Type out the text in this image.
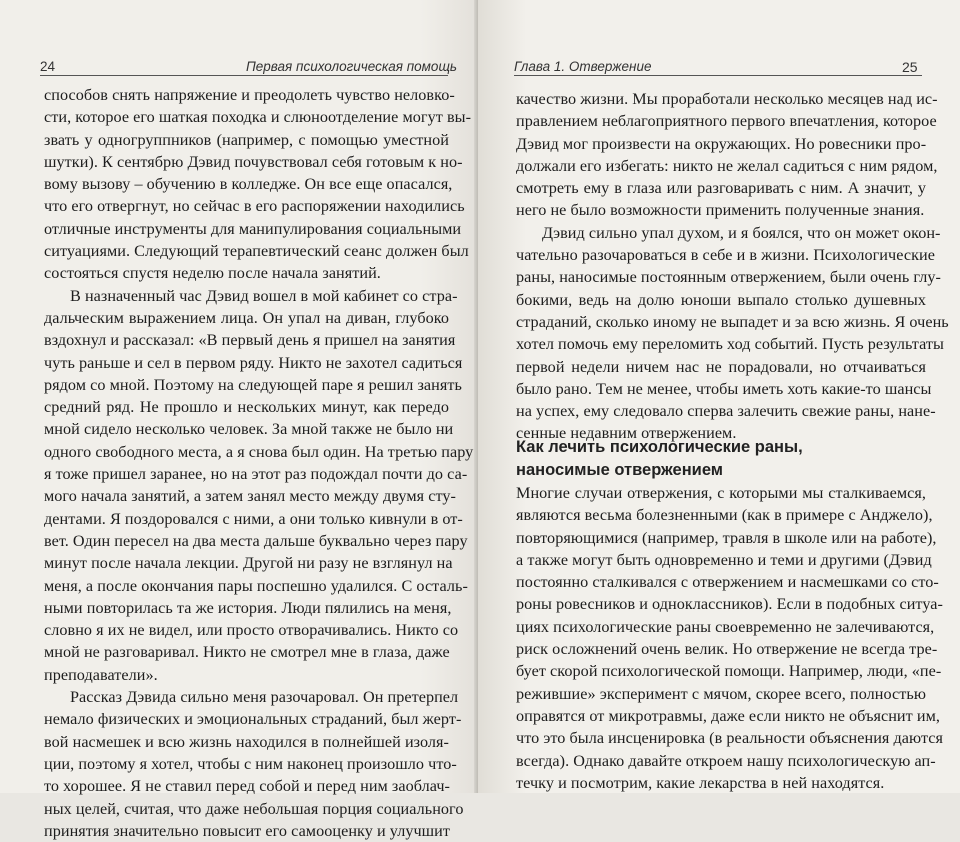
24	Первая психологическая помощь
способов снять напряжение и преодолеть чувство неловко-
сти, которое его шаткая походка и слюноотделение могут вы-
звать у одногруппников (например, с помощью уместной
шутки). К сентябрю Дэвид почувствовал себя готовым к но-
вому вызову – обучению в колледже. Он все еще опасался,
что его отвергнут, но сейчас в его распоряжении находились
отличные инструменты для манипулирования социальными
ситуациями. Следующий терапевтический сеанс должен был
состояться спустя неделю после начала занятий.
В назначенный час Дэвид вошел в мой кабинет со стра-
дальческим выражением лица. Он упал на диван, глубоко
вздохнул и рассказал: «В первый день я пришел на занятия
чуть раньше и сел в первом ряду. Никто не захотел садиться
рядом со мной. Поэтому на следующей паре я решил занять
средний ряд. Не прошло и нескольких минут, как передо
мной сидело несколько человек. За мной также не было ни
одного свободного места, а я снова был один. На третью пару
я тоже пришел заранее, но на этот раз подождал почти до са-
мого начала занятий, а затем занял место между двумя сту-
дентами. Я поздоровался с ними, а они только кивнули в от-
вет. Один пересел на два места дальше буквально через пару
минут после начала лекции. Другой ни разу не взглянул на
меня, а после окончания пары поспешно удалился. С осталь-
ными повторилась та же история. Люди пялились на меня,
словно я их не видел, или просто отворачивались. Никто со
мной не разговаривал. Никто не смотрел мне в глаза, даже
преподаватели».
Рассказ Дэвида сильно меня разочаровал. Он претерпел
немало физических и эмоциональных страданий, был жерт-
вой насмешек и всю жизнь находился в полнейшей изоля-
ции, поэтому я хотел, чтобы с ним наконец произошло что-
то хорошее. Я не ставил перед собой и перед ним заоблач-
ных целей, считая, что даже небольшая порция социального
принятия значительно повысит его самооценку и улучшит
Глава 1. Отвержение	25
качество жизни. Мы проработали несколько месяцев над ис-
правлением неблагоприятного первого впечатления, которое
Дэвид мог произвести на окружающих. Но ровесники про-
должали его избегать: никто не желал садиться с ним рядом,
смотреть ему в глаза или разговаривать с ним. А значит, у
него не было возможности применить полученные знания.
Дэвид сильно упал духом, и я боялся, что он может окон-
чательно разочароваться в себе и в жизни. Психологические
раны, наносимые постоянным отвержением, были очень глу-
бокими, ведь на долю юноши выпало столько душевных
страданий, сколько иному не выпадет и за всю жизнь. Я очень
хотел помочь ему переломить ход событий. Пусть результаты
первой недели ничем нас не порадовали, но отчаиваться
было рано. Тем не менее, чтобы иметь хоть какие-то шансы
на успех, ему следовало сперва залечить свежие раны, нане-
сенные недавним отвержением.
Как лечить психологические раны,
наносимые отвержением
Многие случаи отвержения, с которыми мы сталкиваемся,
являются весьма болезненными (как в примере с Анджело),
повторяющимися (например, травля в школе или на работе),
а также могут быть одновременно и теми и другими (Дэвид
постоянно сталкивался с отвержением и насмешками со сто-
роны ровесников и одноклассников). Если в подобных ситуа-
циях психологические раны своевременно не залечиваются,
риск осложнений очень велик. Но отвержение не всегда тре-
бует скорой психологической помощи. Например, люди, «пе-
режившие» эксперимент с мячом, скорее всего, полностью
оправятся от микротравмы, даже если никто не объяснит им,
что это была инсценировка (в реальности объяснения даются
всегда). Однако давайте откроем нашу психологическую ап-
течку и посмотрим, какие лекарства в ней находятся.
